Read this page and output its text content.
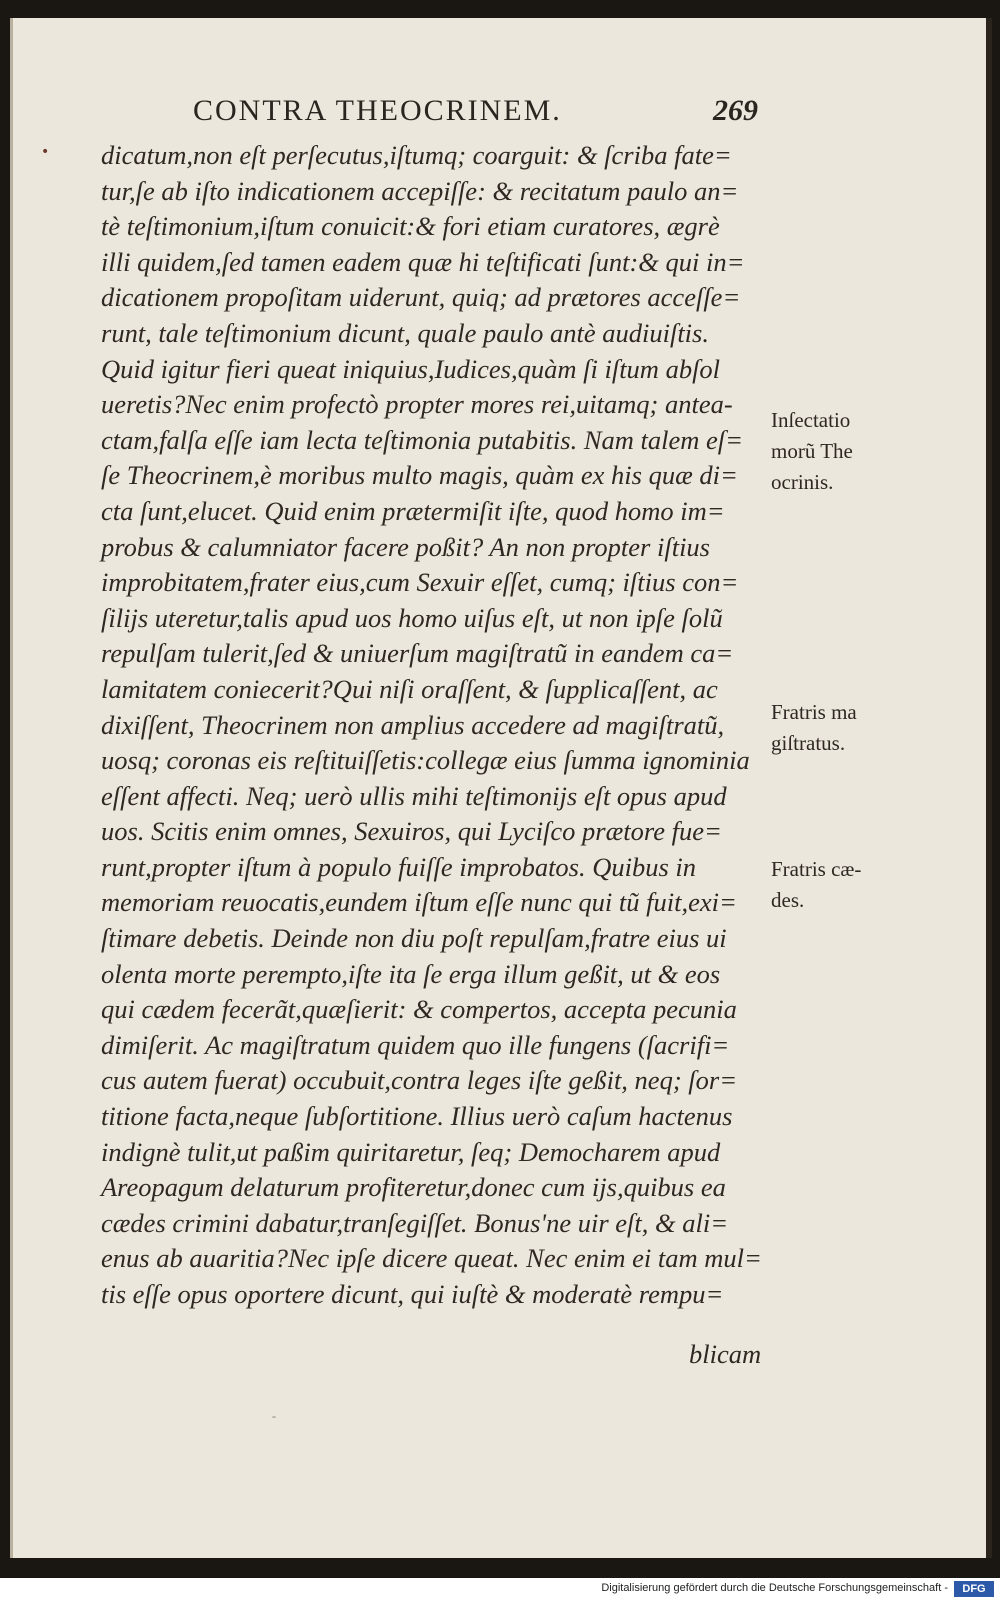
•
CONTRA THEOCRINEM.	269
dicatum,non eſt perſecutus,iſtumq; coarguit: & ſcriba fate=
tur,ſe ab iſto indicationem accepiſſe: & recitatum paulo an=
tè teſtimonium,iſtum conuicit:& fori etiam curatores, ægrè
illi quidem,ſed tamen eadem quæ hi teſtificati ſunt:& qui in=
dicationem propoſitam uiderunt, quiq; ad prætores acceſſe=
runt, tale teſtimonium dicunt, quale paulo antè audiuiſtis.
Quid igitur fieri queat iniquius,Iudices,quàm ſi iſtum abſol
ueretis?Nec enim profectò propter mores rei,uitamq; antea-
ctam,falſa eſſe iam lecta teſtimonia putabitis. Nam talem eſ=
ſe Theocrinem,è moribus multo magis, quàm ex his quæ di=
cta ſunt,elucet. Quid enim prætermiſit iſte, quod homo im=
probus & calumniator facere poßit? An non propter iſtius
improbitatem,frater eius,cum Sexuir eſſet, cumq; iſtius con=
ſilijs uteretur,talis apud uos homo uiſus eſt, ut non ipſe ſolũ
repulſam tulerit,ſed & uniuerſum magiſtratũ in eandem ca=
lamitatem coniecerit?Qui niſi oraſſent, & ſupplicaſſent, ac
dixiſſent, Theocrinem non amplius accedere ad magiſtratũ,
uosq; coronas eis reſtituiſſetis:collegæ eius ſumma ignominia
eſſent affecti. Neq; uerò ullis mihi teſtimonijs eſt opus apud
uos. Scitis enim omnes, Sexuiros, qui Lyciſco prætore fue=
runt,propter iſtum à populo fuiſſe improbatos. Quibus in
memoriam reuocatis,eundem iſtum eſſe nunc qui tũ fuit,exi=
ſtimare debetis. Deinde non diu poſt repulſam,fratre eius ui
olenta morte perempto,iſte ita ſe erga illum geßit, ut & eos
qui cædem fecerãt,quæſierit: & compertos, accepta pecunia
dimiſerit. Ac magiſtratum quidem quo ille fungens (ſacrifi=
cus autem fuerat) occubuit,contra leges iſte geßit, neq; ſor=
titione facta,neque ſubſortitione. Illius uerò caſum hactenus
indignè tulit,ut paßim quiritaretur, ſeq; Democharem apud
Areopagum delaturum profiteretur,donec cum ijs,quibus ea
cædes crimini dabatur,tranſegiſſet. Bonus'ne uir eſt, & ali=
enus ab auaritia?Nec ipſe dicere queat. Nec enim ei tam mul=
tis eſſe opus oportere dicunt, qui iuſtè & moderatè rempu=
blicam
Inſectatio
morũ The
ocrinis.
Fratris ma
giſtratus.
Fratris cæ-
des.
ˉ
Digitalisierung gefördert durch die Deutsche Forschungsgemeinschaft -	DFG
